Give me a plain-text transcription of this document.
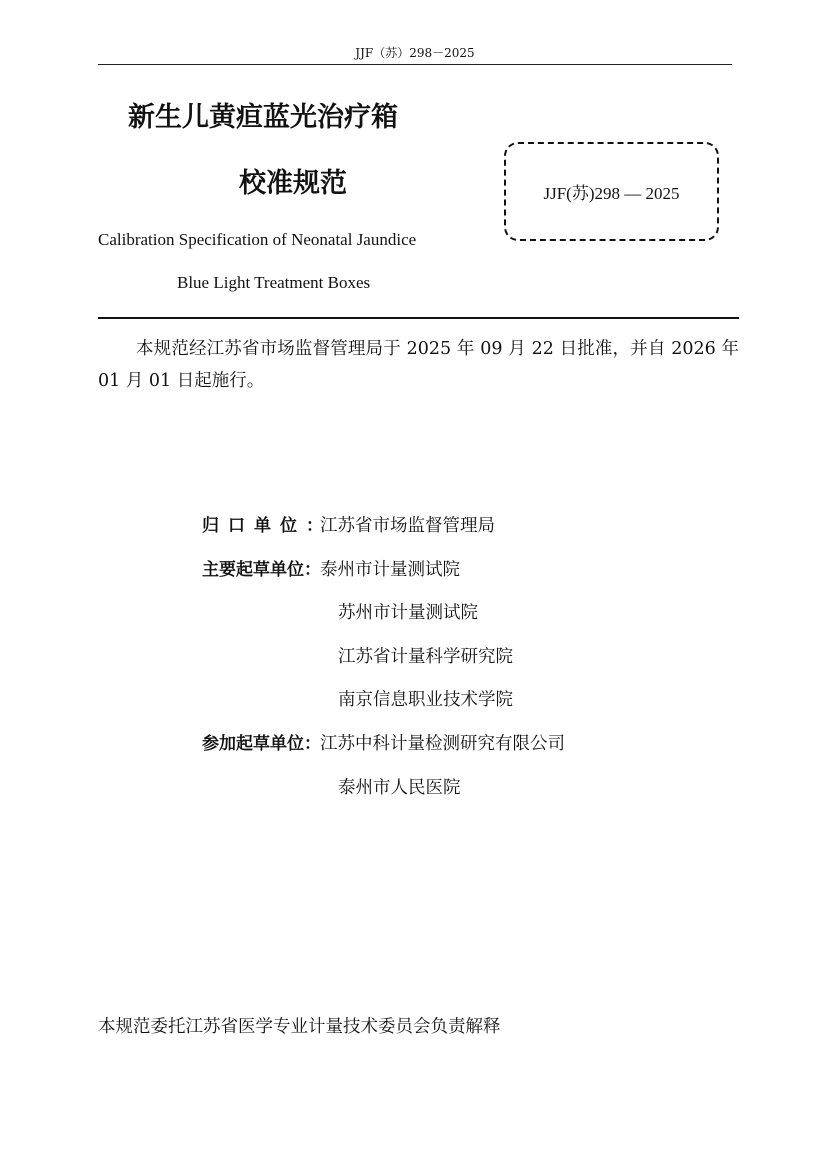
JJF（苏）298－2025
新生儿黄疸蓝光治疗箱
校准规范
Calibration Specification of Neonatal Jaundice
Blue Light Treatment Boxes
JJF(苏)298 — 2025
本规范经江苏省市场监督管理局于 2025 年 09 月 22 日批准，并自 2026 年 01 月 01 日起施行。
归口单位：江苏省市场监督管理局
主要起草单位：泰州市计量测试院
苏州市计量测试院
江苏省计量科学研究院
南京信息职业技术学院
参加起草单位：江苏中科计量检测研究有限公司
泰州市人民医院
本规范委托江苏省医学专业计量技术委员会负责解释
